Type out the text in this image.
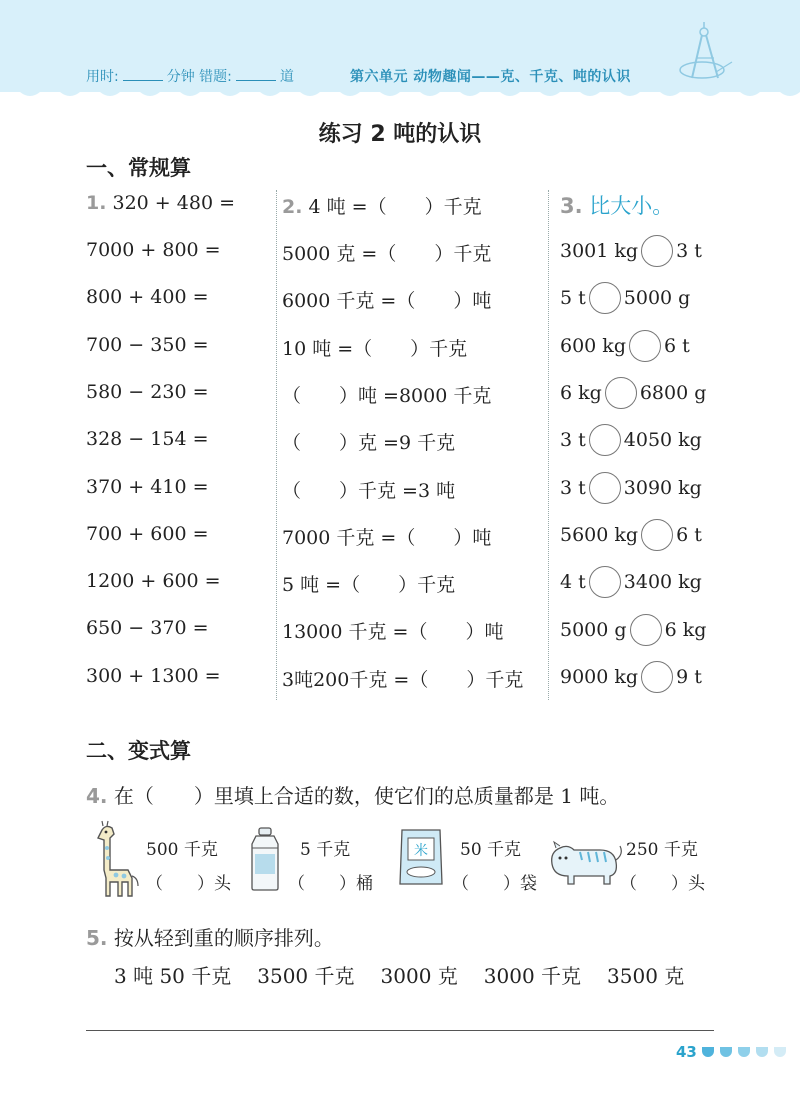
用时:	分钟 错题:	道	第六单元 动物趣闻——克、千克、吨的认识
练习 2 吨的认识
一、常规算
1. 320 + 480 =
7000 + 800 =
800 + 400 =
700 − 350 =
580 − 230 =
328 − 154 =
370 + 410 =
700 + 600 =
1200 + 600 =
650 − 370 =
300 + 1300 =
2. 4 吨 =（　　）千克
5000 克 =（　　）千克
6000 千克 =（　　）吨
10 吨 =（　　）千克
（　　）吨 =8000 千克
（　　）克 =9 千克
（　　）千克 =3 吨
7000 千克 =（　　）吨
5 吨 =（　　）千克
13000 千克 =（　　）吨
3吨200千克 =（　　）千克
3. 比大小。
3001 kg 3 t
5 t 5000 g
600 kg 6 t
6 kg 6800 g
3 t 4050 kg
3 t 3090 kg
5600 kg 6 t
4 t 3400 kg
5000 g 6 kg
9000 kg 9 t
二、变式算
4. 在（　　）里填上合适的数，使它们的总质量都是 1 吨。
500 千克
（　　）头
5 千克
（　　）桶
米 50 千克
（　　）袋
250 千克
（　　）头
5. 按从轻到重的顺序排列。
3 吨 50 千克 3500 千克 3000 克 3000 千克 3500 克
43
